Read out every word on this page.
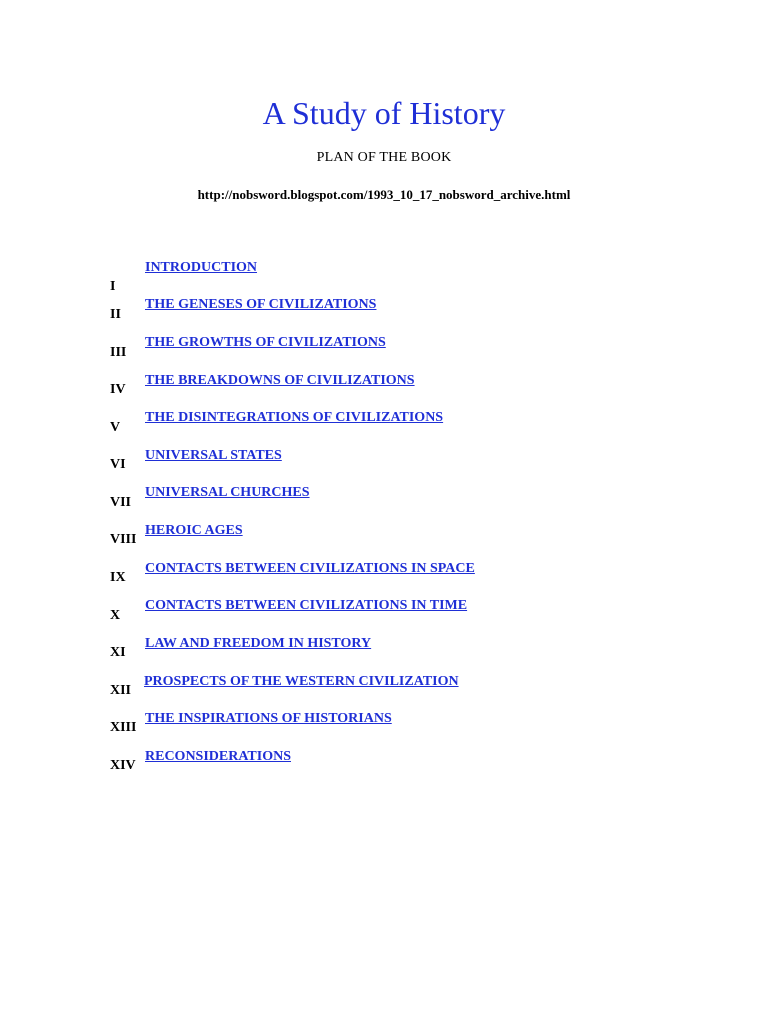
A Study of History
PLAN OF THE BOOK
http://nobsword.blogspot.com/1993_10_17_nobsword_archive.html
I
INTRODUCTION
II
THE GENESES OF CIVILIZATIONS
III
THE GROWTHS OF CIVILIZATIONS
IV
THE BREAKDOWNS OF CIVILIZATIONS
V
THE DISINTEGRATIONS OF CIVILIZATIONS
VI
UNIVERSAL STATES
VII
UNIVERSAL CHURCHES
VIII
HEROIC AGES
IX
CONTACTS BETWEEN CIVILIZATIONS IN SPACE
X
CONTACTS BETWEEN CIVILIZATIONS IN TIME
XI
LAW AND FREEDOM IN HISTORY
XII
PROSPECTS OF THE WESTERN CIVILIZATION
XIII
THE INSPIRATIONS OF HISTORIANS
XIV
RECONSIDERATIONS
